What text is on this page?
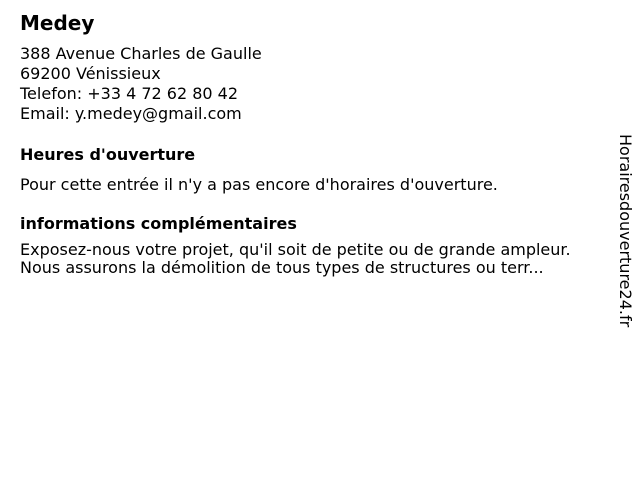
Medey
388 Avenue Charles de Gaulle
69200 Vénissieux
Telefon: +33 4 72 62 80 42
Email: y.medey@gmail.com
Heures d'ouverture
Pour cette entrée il n'y a pas encore d'horaires d'ouverture.
informations complémentaires
Exposez-nous votre projet, qu'il soit de petite ou de grande ampleur.
Nous assurons la démolition de tous types de structures ou terr...	Horairesdouverture24.fr
